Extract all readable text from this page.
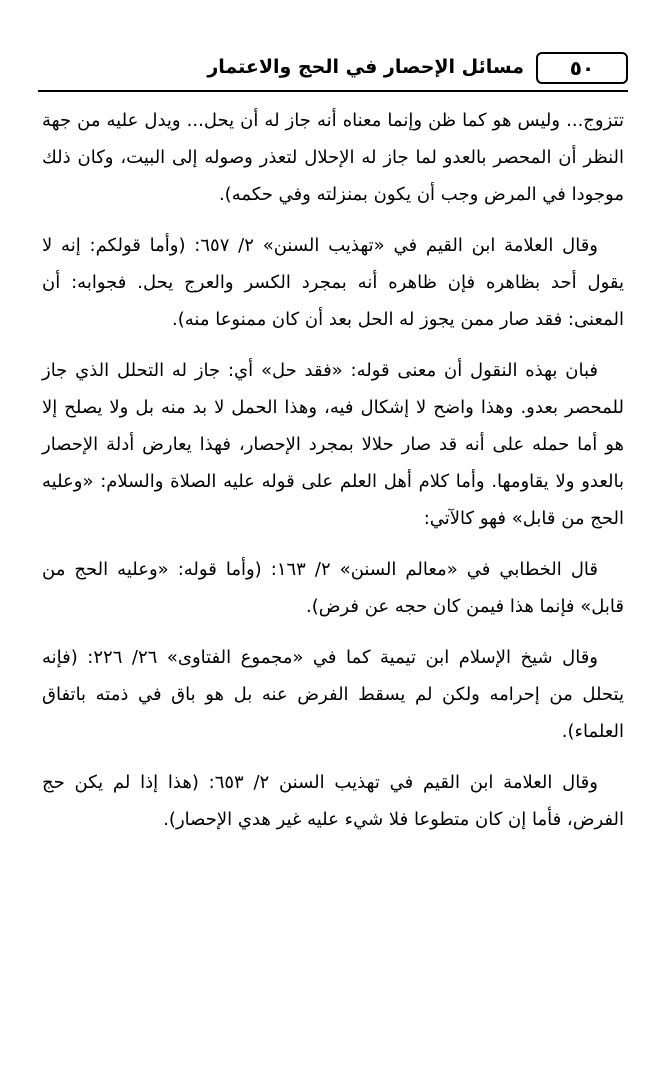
٥٠
مسائل الإحصار في الحج والاعتمار

تتزوج... وليس هو كما ظن وإنما معناه أنه جاز له أن يحل... ويدل عليه من جهة النظر أن المحصر بالعدو لما جاز له الإحلال لتعذر وصوله إلى البيت، وكان ذلك موجودا في المرض وجب أن يكون بمنزلته وفي حكمه).

وقال العلامة ابن القيم في «تهذيب السنن» ٢/ ٦٥٧: (وأما قولكم: إنه لا يقول أحد بظاهره فإن ظاهره أنه بمجرد الكسر والعرج يحل. فجوابه: أن المعنى: فقد صار ممن يجوز له الحل بعد أن كان ممنوعا منه).

فبان بهذه النقول أن معنى قوله: «فقد حل» أي: جاز له التحلل الذي جاز للمحصر بعدو. وهذا واضح لا إشكال فيه، وهذا الحمل لا بد منه بل ولا يصلح إلا هو أما حمله على أنه قد صار حلالا بمجرد الإحصار، فهذا يعارض أدلة الإحصار بالعدو ولا يقاومها. وأما كلام أهل العلم على قوله عليه الصلاة والسلام: «وعليه الحج من قابل» فهو كالآتي:

قال الخطابي في «معالم السنن» ٢/ ١٦٣: (وأما قوله: «وعليه الحج من قابل» فإنما هذا فيمن كان حجه عن فرض).

وقال شيخ الإسلام ابن تيمية كما في «مجموع الفتاوى» ٢٦/ ٢٢٦: (فإنه يتحلل من إحرامه ولكن لم يسقط الفرض عنه بل هو باق في ذمته باتفاق العلماء).

وقال العلامة ابن القيم في تهذيب السنن ٢/ ٦٥٣: (هذا إذا لم يكن حج الفرض، فأما إن كان متطوعا فلا شيء عليه غير هدي الإحصار).
